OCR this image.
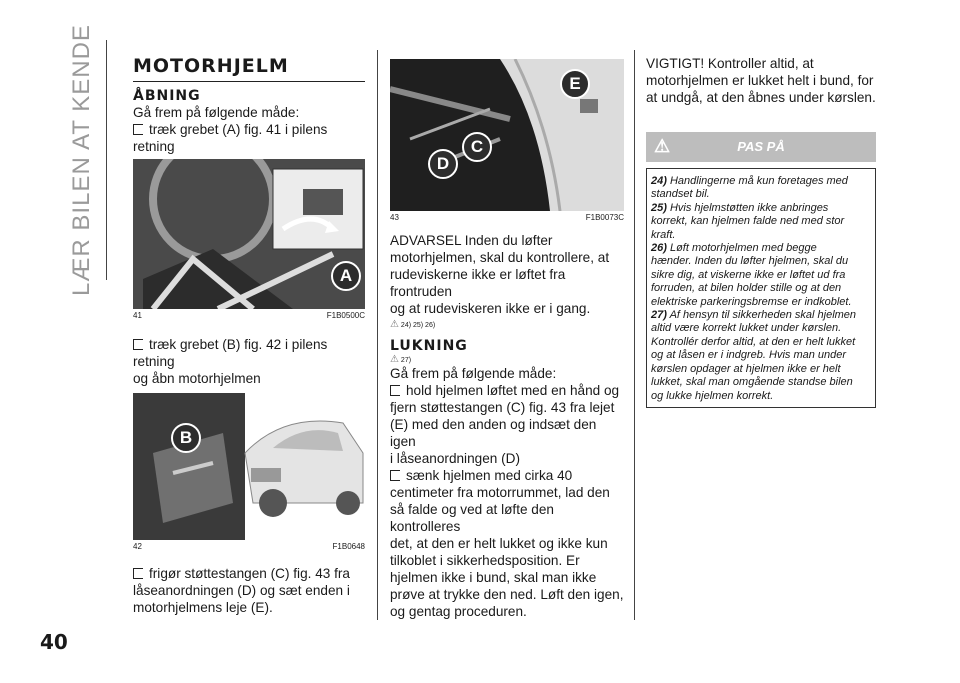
LÆR BILEN AT KENDE MOTORHJELM
ÅBNING

Gå frem på følgende måde:

træk grebet (A) fig. 41 i pilens retning

A
41	F1B0500C

træk grebet (B) fig. 42 i pilens retning

og åbn motorhjelmen

B
42	F1B0648

frigør støttestangen (C) fig. 43 fra

låseanordningen (D) og sæt enden i

motorhjelmens leje (E).

E
C
D
43	F1B0073C

ADVARSEL Inden du løfter

motorhjelmen, skal du kontrollere, at

rudeviskerne ikke er løftet fra frontruden

og at rudeviskeren ikke er i gang.

⚠ 24) 25) 26)
LUKNING
⚠ 27)

Gå frem på følgende måde:

hold hjelmen løftet med en hånd og

fjern støttestangen (C) fig. 43 fra lejet

(E) med den anden og indsæt den igen

i låseanordningen (D)

sænk hjelmen med cirka 40

centimeter fra motorrummet, lad den

så falde og ved at løfte den kontrolleres

det, at den er helt lukket og ikke kun

tilkoblet i sikkerhedsposition. Er

hjelmen ikke i bund, skal man ikke

prøve at trykke den ned. Løft den igen,

og gentag proceduren.

VIGTIGT! Kontroller altid, at

motorhjelmen er lukket helt i bund, for

at undgå, at den åbnes under kørslen.

⚠	PAS PÅ

24) Handlingerne må kun foretages med

standset bil.

25) Hvis hjelmstøtten ikke anbringes

korrekt, kan hjelmen falde ned med stor

kraft.

26) Løft motorhjelmen med begge

hænder. Inden du løfter hjelmen, skal du

sikre dig, at viskerne ikke er løftet ud fra

forruden, at bilen holder stille og at den

elektriske parkeringsbremse er indkoblet.

27) Af hensyn til sikkerheden skal hjelmen

altid være korrekt lukket under kørslen.

Kontrollér derfor altid, at den er helt lukket

og at låsen er i indgreb. Hvis man under

kørslen opdager at hjelmen ikke er helt

lukket, skal man omgående standse bilen

og lukke hjelmen korrekt.

40
